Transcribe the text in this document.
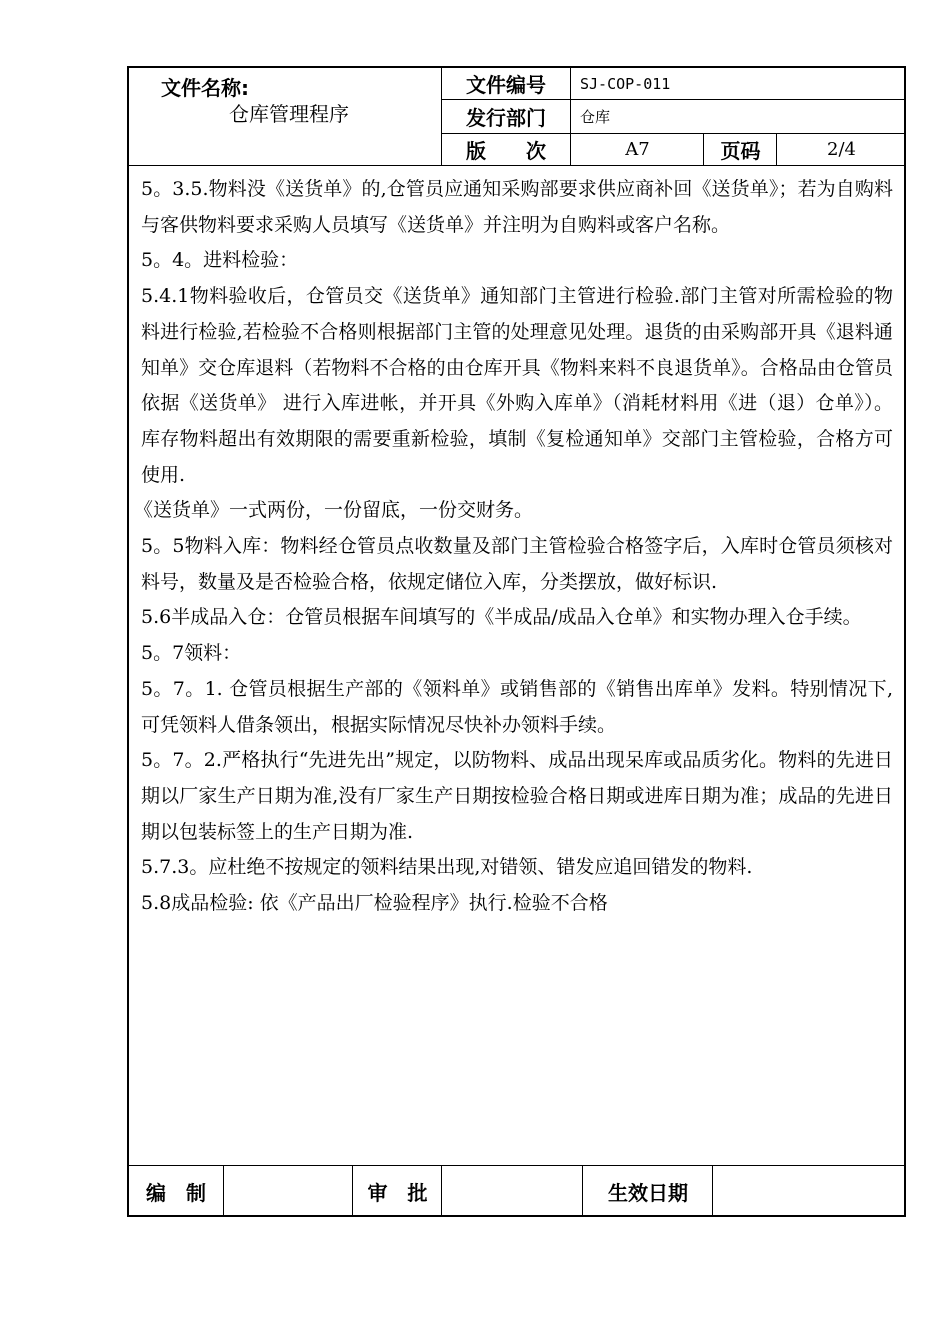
文件名称:
仓库管理程序
文件编号	SJ-COP-011
发行部门	仓库
版　　次	A7	页码	2/4

5。3.5.物料没《送货单》的,仓管员应通知采购部要求供应商补回《送货单》；若为自购料与客供物料要求采购人员填写《送货单》并注明为自购料或客户名称。

5。4。进料检验：

5.4.1物料验收后，仓管员交《送货单》通知部门主管进行检验.部门主管对所需检验的物料进行检验,若检验不合格则根据部门主管的处理意见处理。退货的由采购部开具《退料通知单》交仓库退料（若物料不合格的由仓库开具《物料来料不良退货单》。合格品由仓管员依据《送货单》 进行入库进帐，并开具《外购入库单》（消耗材料用《进（退）仓单》）。库存物料超出有效期限的需要重新检验，填制《复检通知单》交部门主管检验，合格方可使用.

《送货单》一式两份，一份留底，一份交财务。

5。5物料入库：物料经仓管员点收数量及部门主管检验合格签字后，入库时仓管员须核对料号，数量及是否检验合格，依规定储位入库，分类摆放，做好标识.

5.6半成品入仓：仓管员根据车间填写的《半成品/成品入仓单》和实物办理入仓手续。

5。7领料：

5。7。1. 仓管员根据生产部的《领料单》或销售部的《销售出库单》发料。特别情况下,可凭领料人借条领出，根据实际情况尽快补办领料手续。

5。7。2.严格执行“先进先出”规定，以防物料、成品出现呆库或品质劣化。物料的先进日期以厂家生产日期为准,没有厂家生产日期按检验合格日期或进库日期为准；成品的先进日期以包装标签上的生产日期为准.

5.7.3。应杜绝不按规定的领料结果出现,对错领、错发应追回错发的物料.

5.8成品检验: 依《产品出厂检验程序》执行.检验不合格

编　制	审　批	生效日期
